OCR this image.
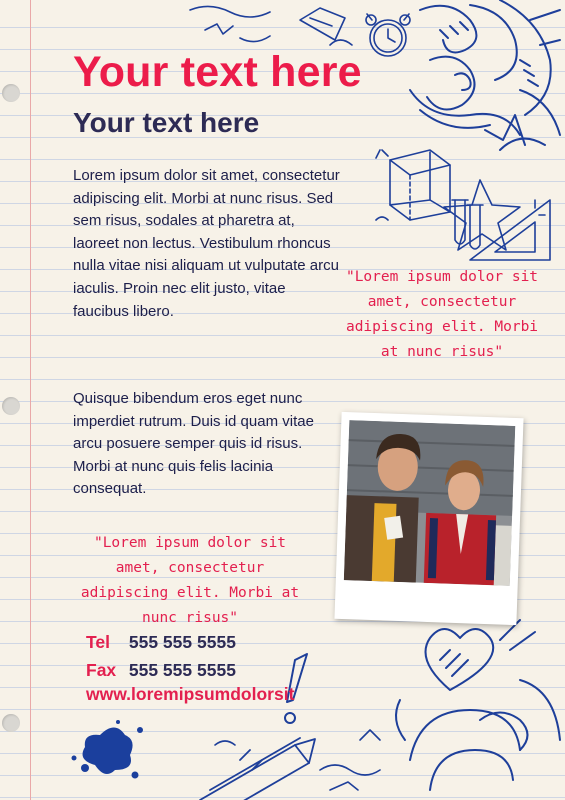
Your text here
Your text here

Lorem ipsum dolor sit amet, consectetur adipiscing elit. Morbi at nunc risus. Sed sem risus, sodales at pharetra at, laoreet non lectus. Vestibulum rhoncus nulla vitae nisi aliquam ut vulputate arcu iaculis. Proin nec elit justo, vitae faucibus libero.

Quisque bibendum eros eget nunc imperdiet rutrum. Duis id quam vitae arcu posuere semper quis id risus. Morbi at nunc quis felis lacinia consequat.

"Lorem ipsum dolor sit amet, consectetur adipiscing elit. Morbi at nunc risus"

"Lorem ipsum dolor sit amet, consectetur adipiscing elit. Morbi at nunc risus"

Tel 555 555 5555

Fax 555 555 5555

www.loremipsumdolorsit
